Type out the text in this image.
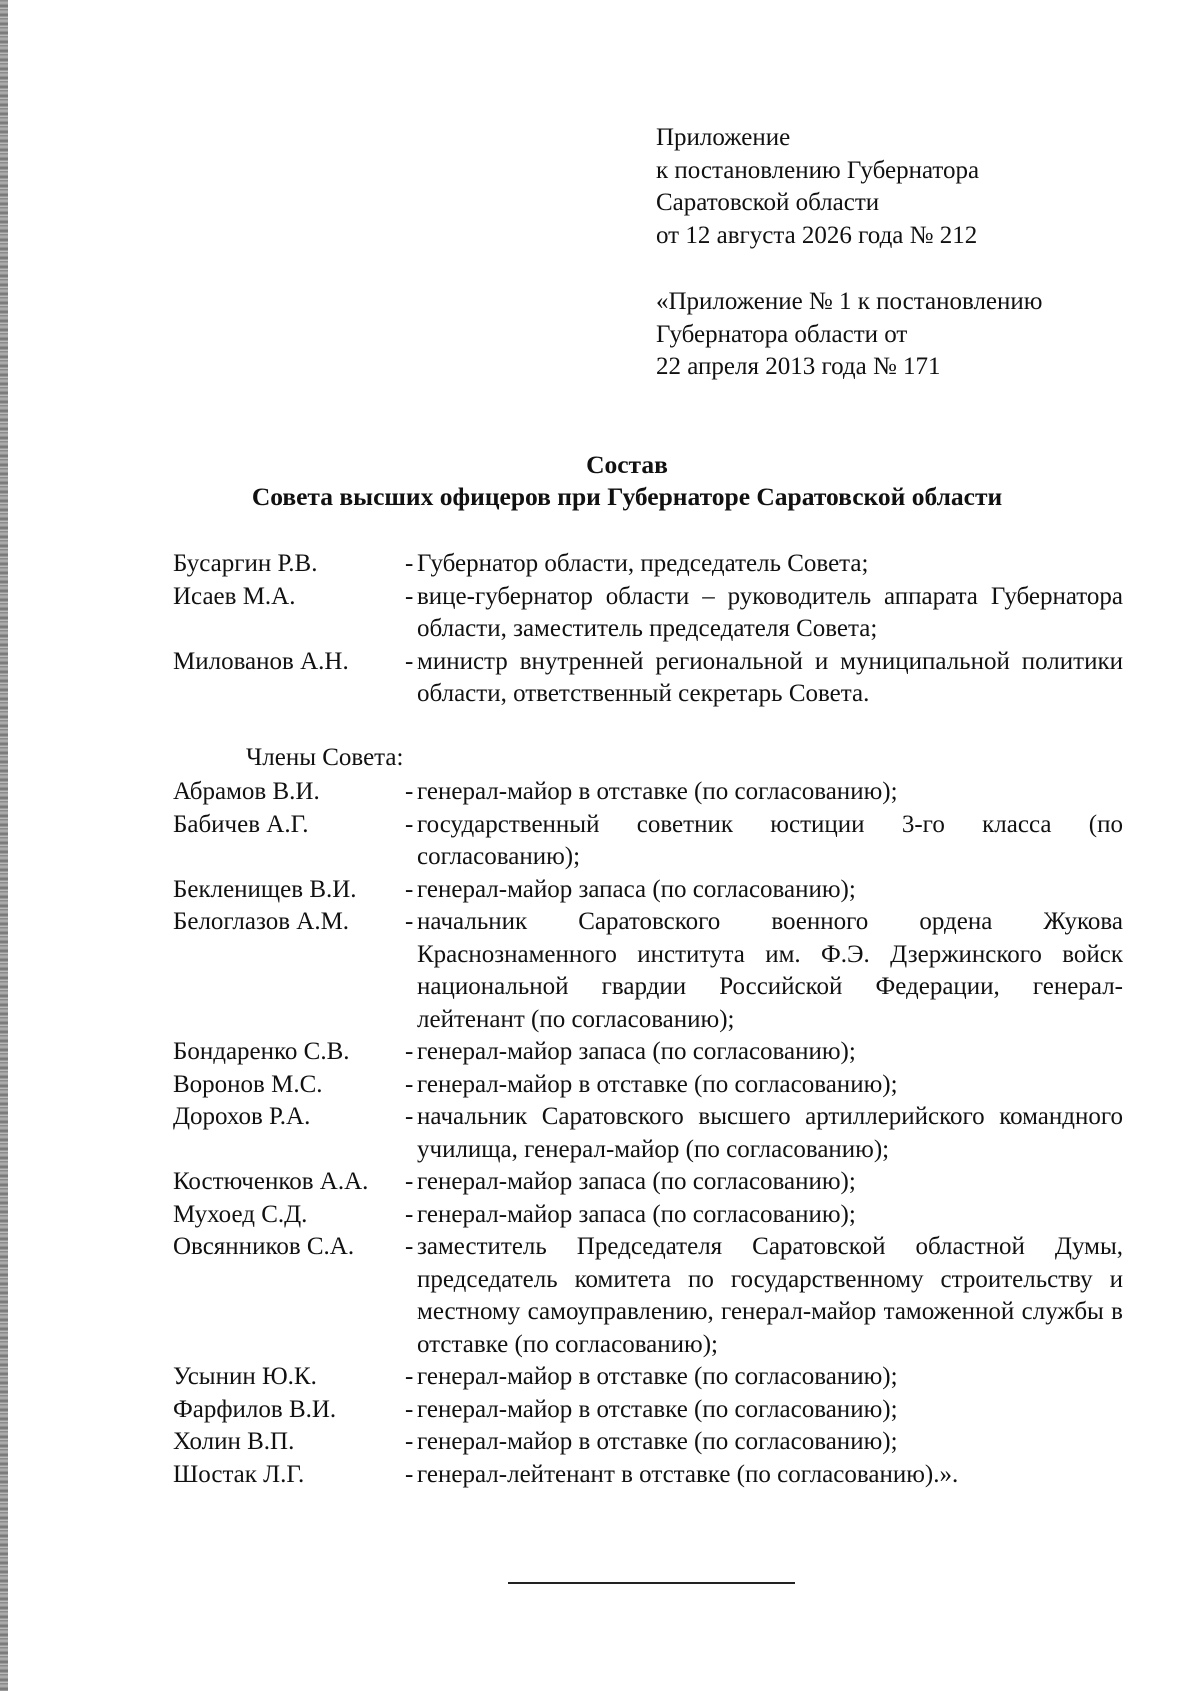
Приложение
к постановлению Губернатора
Саратовской области
от 12 августа 2026 года № 212
«Приложение № 1 к постановлению
Губернатора области от
22 апреля 2013 года № 171
Состав
Совета высших офицеров при Губернаторе Саратовской области
Бусаргин Р.В.	- Губернатор области, председатель Совета;
Исаев М.А.	- вице-губернатор области – руководитель аппарата Губернатора области, заместитель председателя Совета;
Милованов А.Н.	- министр внутренней региональной и муниципальной политики области, ответственный секретарь Совета.
Члены Совета:
Абрамов В.И.	- генерал-майор в отставке (по согласованию);
Бабичев А.Г.	- государственный советник юстиции 3-го класса (по согласованию);
Бекленищев В.И.	- генерал-майор запаса (по согласованию);
Белоглазов А.М.	- начальник Саратовского военного ордена Жукова Краснознаменного института им. Ф.Э. Дзержинского войск национальной гвардии Российской Федерации, генерал-лейтенант (по согласованию);
Бондаренко С.В.	- генерал-майор запаса (по согласованию);
Воронов М.С.	- генерал-майор в отставке (по согласованию);
Дорохов Р.А.	- начальник Саратовского высшего артиллерийского командного училища, генерал-майор (по согласованию);
Костюченков А.А.	- генерал-майор запаса (по согласованию);
Мухоед С.Д.	- генерал-майор запаса (по согласованию);
Овсянников С.А.	- заместитель Председателя Саратовской областной Думы, председатель комитета по государственному строительству и местному самоуправлению, генерал-майор таможенной службы в отставке (по согласованию);
Усынин Ю.К.	- генерал-майор в отставке (по согласованию);
Фарфилов В.И.	- генерал-майор в отставке (по согласованию);
Холин В.П.	- генерал-майор в отставке (по согласованию);
Шостак Л.Г.	- генерал-лейтенант в отставке (по согласованию).».
